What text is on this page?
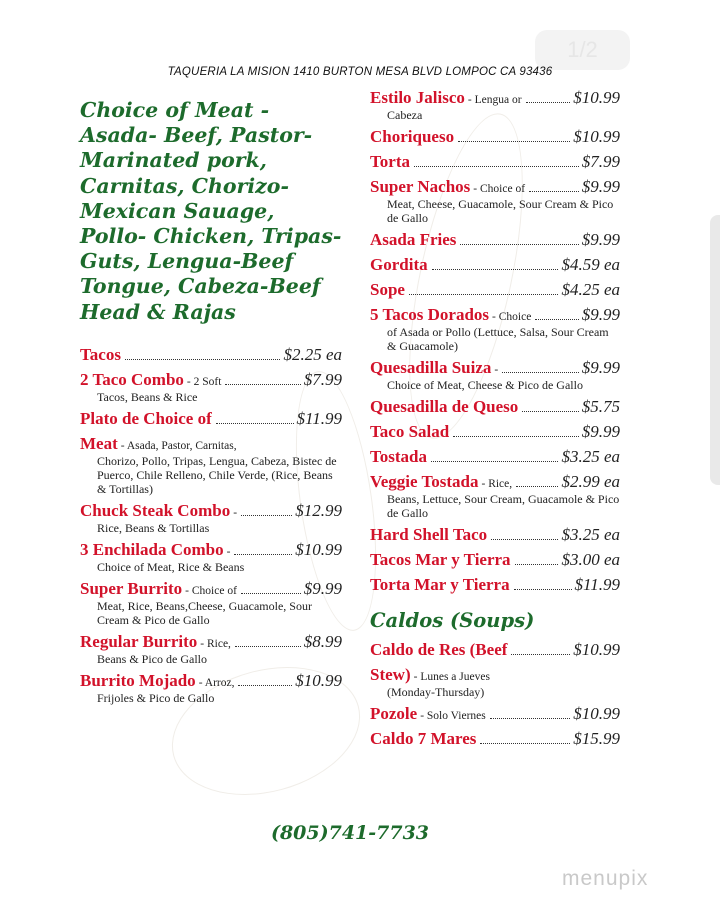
1/2
TAQUERIA LA MISION 1410 BURTON MESA BLVD LOMPOC CA 93436
Choice of Meat - Asada- Beef, Pastor- Marinated pork, Carnitas, Chorizo- Mexican Sauage, Pollo- Chicken, Tripas-Guts, Lengua-Beef Tongue, Cabeza-Beef Head & Rajas
Tacos	$2.25 ea
2 Taco Combo - 2 Soft	$7.99
Tacos, Beans & Rice
Plato de Choice of	$11.99
Meat - Asada, Pastor, Carnitas,
Chorizo, Pollo, Tripas, Lengua, Cabeza, Bistec de Puerco, Chile Relleno, Chile Verde, (Rice, Beans & Tortillas)
Chuck Steak Combo -	$12.99
Rice, Beans & Tortillas
3 Enchilada Combo -	$10.99
Choice of Meat, Rice & Beans
Super Burrito - Choice of	$9.99
Meat, Rice, Beans,Cheese, Guacamole, Sour Cream & Pico de Gallo
Regular Burrito - Rice,	$8.99
Beans & Pico de Gallo
Burrito Mojado - Arroz,	$10.99
Frijoles & Pico de Gallo
Estilo Jalisco - Lengua or	$10.99
Cabeza
Choriqueso	$10.99
Torta	$7.99
Super Nachos - Choice of	$9.99
Meat, Cheese, Guacamole, Sour Cream & Pico de Gallo
Asada Fries	$9.99
Gordita	$4.59 ea
Sope	$4.25 ea
5 Tacos Dorados - Choice	$9.99
of Asada or Pollo (Lettuce, Salsa, Sour Cream & Guacamole)
Quesadilla Suiza -	$9.99
Choice of Meat, Cheese & Pico de Gallo
Quesadilla de Queso	$5.75
Taco Salad	$9.99
Tostada	$3.25 ea
Veggie Tostada - Rice,	$2.99 ea
Beans, Lettuce, Sour Cream, Guacamole & Pico de Gallo
Hard Shell Taco	$3.25 ea
Tacos Mar y Tierra	$3.00 ea
Torta Mar y Tierra	$11.99
Caldos (Soups)
Caldo de Res (Beef	$10.99
Stew) - Lunes a Jueves
(Monday-Thursday)
Pozole - Solo Viernes	$10.99
Caldo 7 Mares	$15.99
(805)741-7733
menupix
